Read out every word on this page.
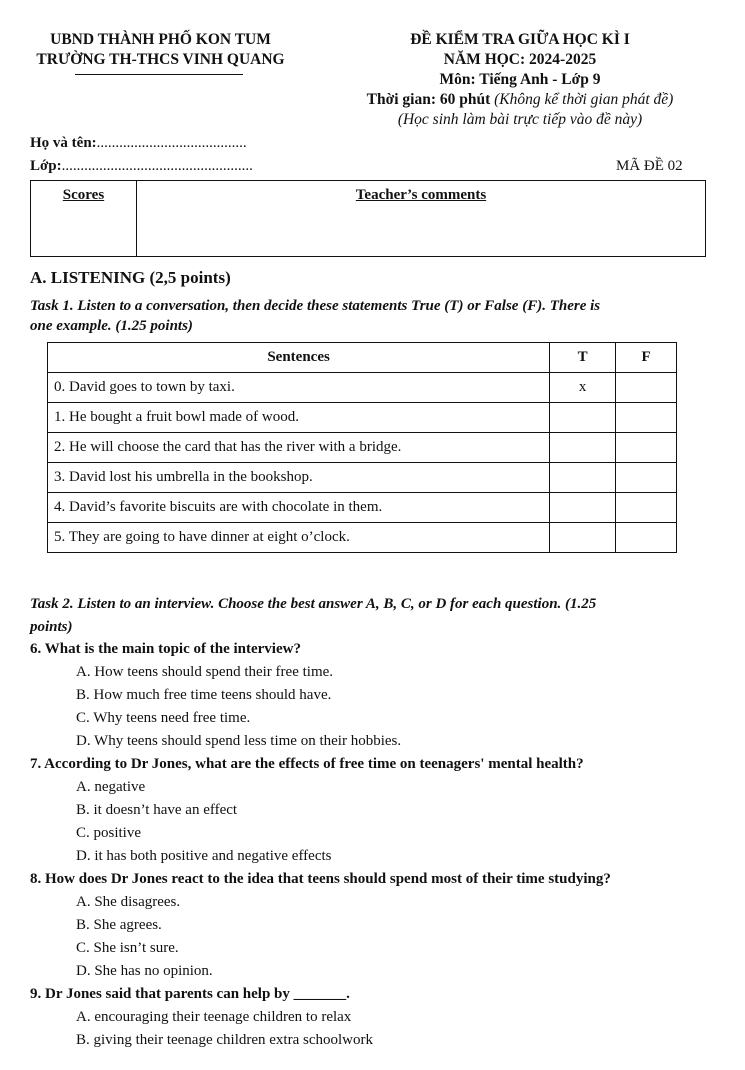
UBND THÀNH PHỐ KON TUM
TRƯỜNG TH-THCS VINH QUANG
ĐỀ KIỂM TRA GIỮA HỌC KÌ I
NĂM HỌC: 2024-2025
Môn: Tiếng Anh - Lớp 9
Thời gian: 60 phút (Không kể thời gian phát đề)
(Học sinh làm bài trực tiếp vào đề này)
Họ và tên:........................................
Lớp:...................................................	MÃ ĐỀ 02
Scores	Teacher’s comments
A. LISTENING (2,5 points)
Task 1. Listen to a conversation, then decide these statements True (T) or False (F). There is
one example. (1.25 points)
Sentences	T	F
0. David goes to town by taxi.	x	
1. He bought a fruit bowl made of wood.		
2. He will choose the card that has the river with a bridge.		
3. David lost his umbrella in the bookshop.		
4. David’s favorite biscuits are with chocolate in them.		
5. They are going to have dinner at eight o’clock.		
Task 2. Listen to an interview. Choose the best answer A, B, C, or D for each question. (1.25
points)
6. What is the main topic of the interview?
A. How teens should spend their free time.
B. How much free time teens should have.
C. Why teens need free time.
D. Why teens should spend less time on their hobbies.
7. According to Dr Jones, what are the effects of free time on teenagers' mental health?
A. negative
B. it doesn’t have an effect
C. positive
D. it has both positive and negative effects
8. How does Dr Jones react to the idea that teens should spend most of their time studying?
A. She disagrees.
B. She agrees.
C. She isn’t sure.
D. She has no opinion.
9. Dr Jones said that parents can help by _______.
A. encouraging their teenage children to relax
B. giving their teenage children extra schoolwork
